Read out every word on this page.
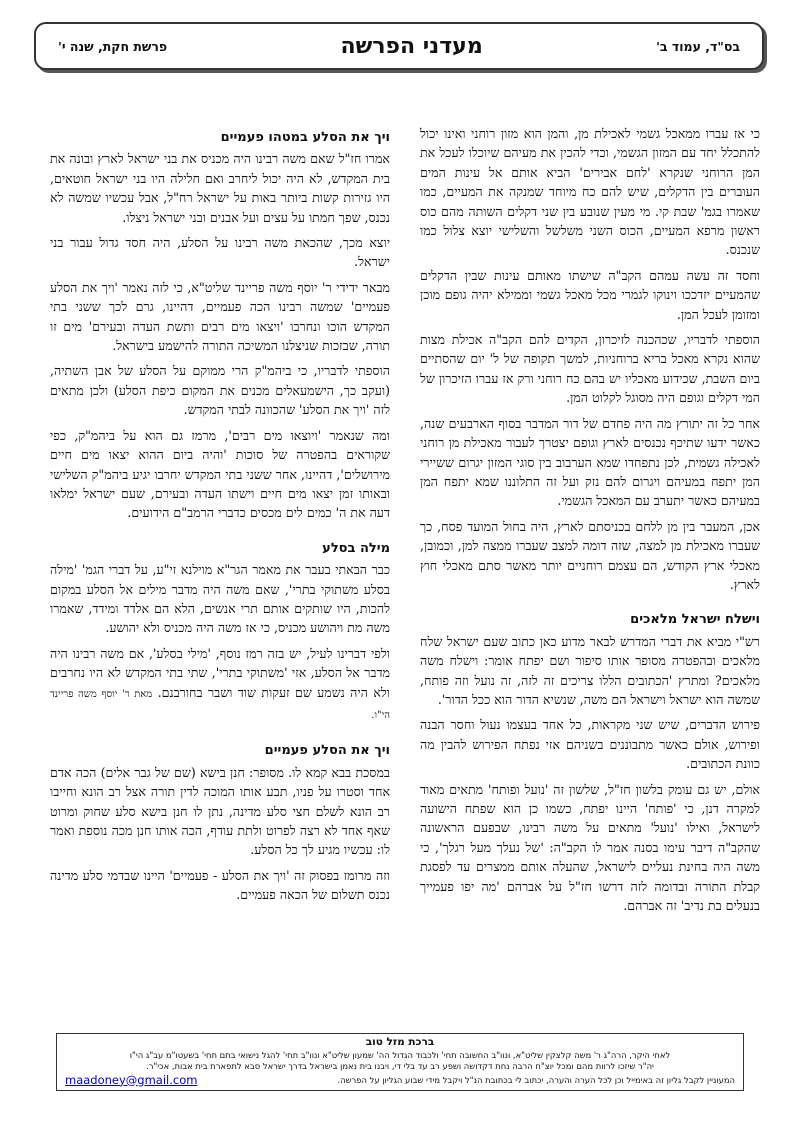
בס"ד, עמוד ב'
מעדני הפרשה
פרשת חקת, שנה י'

כי אז עברו ממאכל גשמי לאכילת מן, והמן הוא מזון רוחני ואינו יכול להתכלל יחד עם המזון הגשמי, וכדי להכין את מעיהם שיוכלו לעכל את המן הרוחני שנקרא 'לחם אבירים' הביא אותם אל עינות המים העוברים בין הדקלים, שיש להם כח מיוחד שמנקה את המעיים, כמו שאמרו בגמ' שבת קי. מי מעין שנובע בין שני דקלים השותה מהם כוס ראשון מרפא המעיים, הכוס השני משלשל והשלישי יוצא צלול כמו שנכנס.

וחסד זה עשה עמהם הקב"ה שישתו מאותם עינות שבין הדקלים שהמעיים יזדככו וינוקו לגמרי מכל מאכל גשמי וממילא יהיה גופם מוכן ומזומן לעכל המן.

הוספתי לדבריו, שכהכנה לזיכרון, הקדים להם הקב"ה אכילת מצות שהוא נקרא מאכל בריא ברוחניות, למשך תקופה של ל' יום שהסתיים ביום השבת, שכידוע מאכליו יש בהם כח רוחני ורק אז עברו הזיכרון של המי דקלים וגופם היה מסוגל לקלוט המן.

אחר כל זה יתורץ מה היה פחדם של דור המדבר בסוף הארבעים שנה, כאשר ידעו שתיכף נכנסים לארץ וגופם יצטרך לעבור מאכילת מן רוחני לאכילה גשמית, לכן נתפחדו שמא הערבוב בין סוגי המזון יגרום ששיירי המן יתפח במעיהם ויגרום להם נזק ועל זה התלוננו שמא יתפח המן במעיהם כאשר יתערב עם המאכל הגשמי.

אכן, המעבר בין מן ללחם בכניסתם לארץ, היה בחול המועד פסח, כך שעברו מאכילת מן למצה, שזה דומה למצב שעברו ממצה למן, וכמובן, מאכלי ארץ הקודש, הם עצמם רוחניים יותר מאשר סתם מאכלי חוץ לארץ.

וישלח ישראל מלאכים

רש"י מביא את דברי המדרש לבאר מדוע כאן כתוב שעם ישראל שלח מלאכים ובהפטרה מסופר אותו סיפור ושם יפתח אומר: וישלח משה מלאכים? ומתרץ 'הכתובים הללו צריכים זה לזה, זה נועל וזה פותח, שמשה הוא ישראל וישראל הם משה, שנשיא הדור הוא ככל הדור'.

פירוש הדברים, שיש שני מקראות, כל אחד בעצמו נעול וחסר הבנה ופירוש, אולם כאשר מתבוננים בשניהם אזי נפתח הפירוש להבין מה כוונת הכתובים.

אולם, יש גם עומק בלשון חז"ל, שלשון זה 'נועל ופותח' מתאים מאוד למקרה דנן, כי 'פותח' היינו יפתח, כשמו כן הוא שפתח הישועה לישראל, ואילו 'נועל' מתאים על משה רבינו, שבפעם הראשונה שהקב"ה דיבר עימו בסנה אמר לו הקב"ה: 'של נעלך מעל רגלך', כי משה היה בחינת נעליים לישראל, שהעלה אותם ממצרים עד לפסגת קבלת התורה ובדומה לזה דרשו חז"ל על אברהם 'מה יפו פעמייך בנעלים בת נדיב' זה אברהם.

ויך את הסלע במטהו פעמיים

אמרו חז"ל שאם משה רבינו היה מכניס את בני ישראל לארץ ובונה את בית המקדש, לא היה יכול ליחרב ואם חלילה היו בני ישראל חוטאים, היו גזירות קשות ביותר באות על ישראל רח"ל, אבל עכשיו שמשה לא נכנס, שפך חמתו על עצים ועל אבנים ובני ישראל ניצלו.

יוצא מכך, שהכאת משה רבינו על הסלע, היה חסד גדול עבור בני ישראל.

מבאר ידידי ר' יוסף משה פריינד שליט"א, כי לזה נאמר 'ויך את הסלע פעמיים' שמשה רבינו הכה פעמיים, דהיינו, גרם לכך ששני בתי המקדש הוכו ונחרבו 'ויצאו מים רבים ותשת העדה ובעירם' מים זו תורה, שבזכות שניצלנו המשיכה התורה להישמע בישראל.

הוספתי לדבריו, כי ביהמ"ק הרי ממוקם על הסלע של אבן השתיה, (ועקב כך, הישמעאלים מכנים את המקום כיפת הסלע) ולכן מתאים לזה 'ויך את הסלע' שהכוונה לבתי המקדש.

ומה שנאמר 'ויוצאו מים רבים', מרמז גם הוא על ביהמ"ק, כפי שקוראים בהפטרה של סוכות 'והיה ביום ההוא יצאו מים חיים מירושלים', דהיינו, אחר ששני בתי המקדש יחרבו יגיע ביהמ"ק השלישי ובאותו זמן יצאו מים חיים וישתו העדה ובעירם, שעם ישראל ימלאו דעה את ה' כמים לים מכסים כדברי הרמב"ם הידועים.

מילה בסלע

כבר הבאתי בעבר את מאמר הגר"א מוילנא זי"ע, על דברי הגמ' 'מילה בסלע משתוקי בתרי', שאם משה היה מדבר מילים אל הסלע במקום להכות, היו שותקים אותם תרי אנשים, הלא הם אלדד ומידד, שאמרו משה מת ויהושע מכניס, כי אז משה היה מכניס ולא יהושע.

ולפי דברינו לעיל, יש בזה רמז נוסף, 'מילי בסלע', אם משה רבינו היה מדבר אל הסלע, אזי 'משתוקי בתרי', שתי בתי המקדש לא היו נחרבים ולא היה נשמע שם זעקות שוד ושבר בחורבנם. מאת ר' יוסף משה פריינד הי"ו.

ויך את הסלע פעמיים

במסכת בבא קמא לו. מסופר: חנן בישא (שם של גבר אלים) הכה אדם אחד וסטרו על פניו, תבע אותו המוכה לדין תורה אצל רב הונא וחייבו רב הונא לשלם חצי סלע מדינה, נתן לו חנן בישא סלע שחוק ומרוט שאף אחד לא רצה לפרוט ולתת עודף, הכה אותו חנן מכה נוספת ואמר לו: עכשיו מגיע לך כל הסלע.

וזה מרומז בפסוק זה 'ויך את הסלע - פעמיים' היינו שבדמי סלע מדינה נכנס תשלום של הכאה פעמיים.

ברכת מזל טוב
לאחי היקר, הרה"ג ר' משה קלצקין שליט"א, ונוו"ב החשובה תחי' ולכבוד הגדול הה' שמעון שליט"א ונוו"ב תחי' להגל נישואי בתם תחי' בשעטו"מ עב"ג הי"ו
יה"ר שיזכו לרוות מהם ומכל יוצ"ח הרבה נחת דקדושה ושפע רב עד בלי די, ויבנו בית נאמן בישראל בדרך ישראל סבא לתפארת בית אבות, אכי"ר.
המעוניין לקבל גליון זה באימייל וכן לכל הערה והערה, יכתוב לי בכתובת הנ"ל ויקבל מידי שבוע הגליון על הפרשה.
maadoney@gmail.com
